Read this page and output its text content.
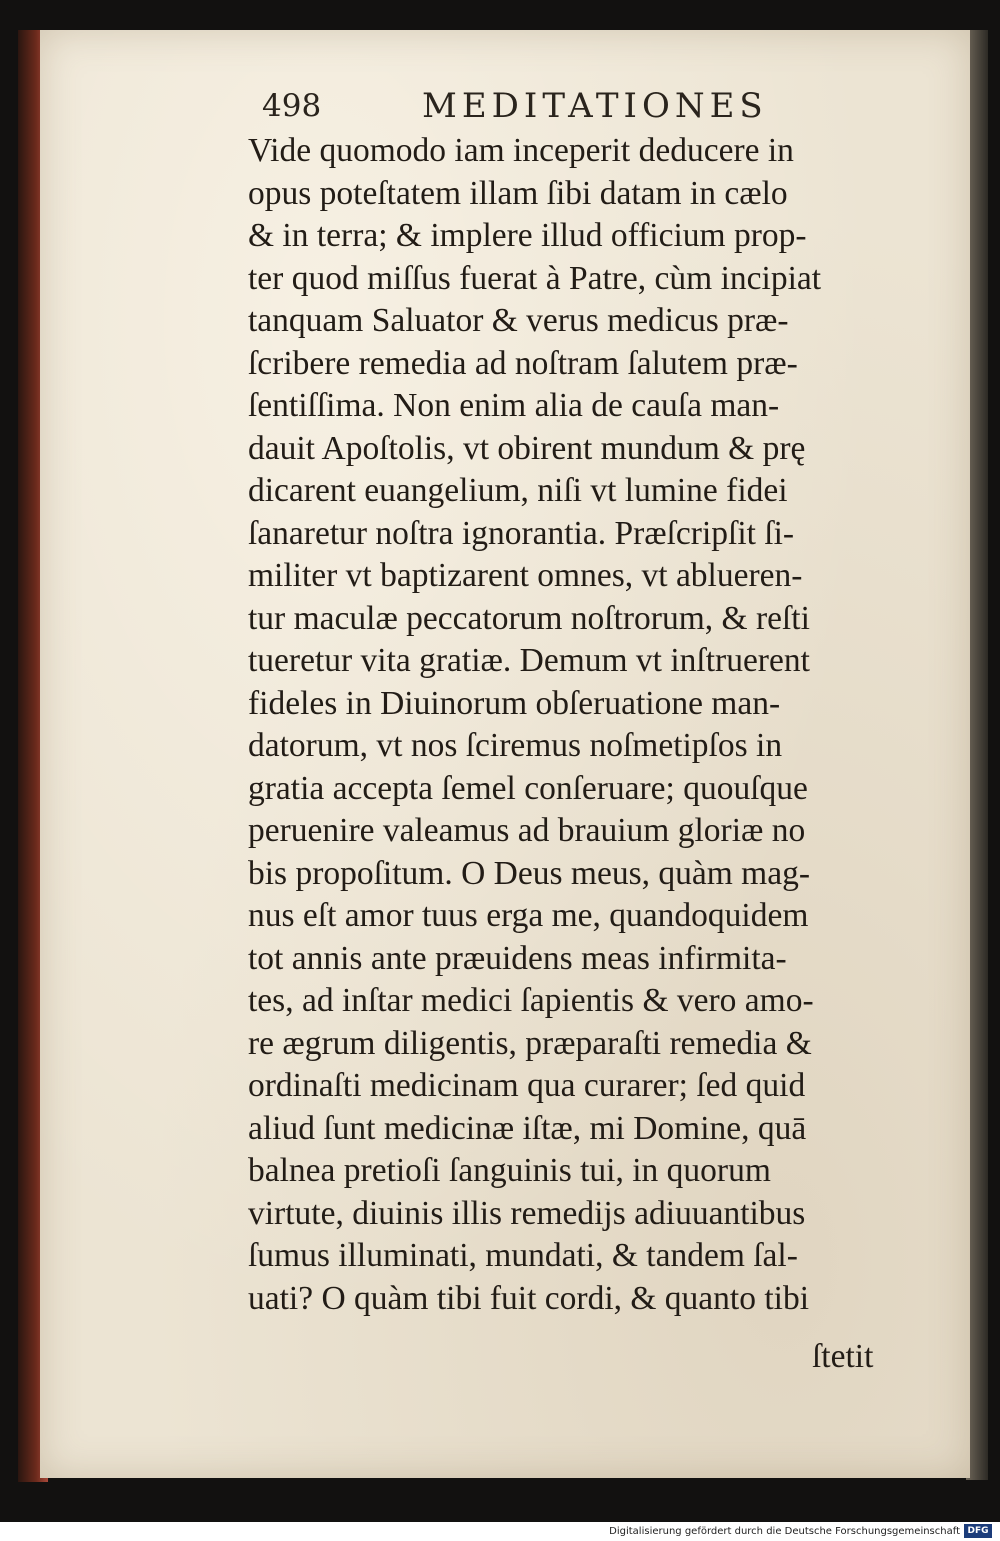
498	MEDITATIONES
Vide quomodo iam inceperit deducere in
opus poteſtatem illam ſibi datam in cælo
& in terra; & implere illud officium prop-
ter quod miſſus fuerat à Patre, cùm incipiat
tanquam Saluator & verus medicus præ-
ſcribere remedia ad noſtram ſalutem præ-
ſentiſſima. Non enim alia de cauſa man-
dauit Apoſtolis, vt obirent mundum & prę
dicarent euangelium, niſi vt lumine fidei
ſanaretur noſtra ignorantia. Præſcripſit ſi-
militer vt baptizarent omnes, vt ablueren-
tur maculæ peccatorum noſtrorum, & reſti
tueretur vita gratiæ. Demum vt inſtruerent
fideles in Diuinorum obſeruatione man-
datorum, vt nos ſciremus noſmetipſos in
gratia accepta ſemel conſeruare; quouſque
peruenire valeamus ad brauium gloriæ no
bis propoſitum. O Deus meus, quàm mag-
nus eſt amor tuus erga me, quandoquidem
tot annis ante præuidens meas infirmita-
tes, ad inſtar medici ſapientis & vero amo-
re ægrum diligentis, præparaſti remedia &
ordinaſti medicinam qua curarer; ſed quid
aliud ſunt medicinæ iſtæ, mi Domine, quā
balnea pretioſi ſanguinis tui, in quorum
virtute, diuinis illis remedijs adiuuantibus
ſumus illuminati, mundati, & tandem ſal-
uati? O quàm tibi fuit cordi, & quanto tibi
ſtetit
Digitalisierung gefördert durch die Deutsche Forschungsgemeinschaft DFG
